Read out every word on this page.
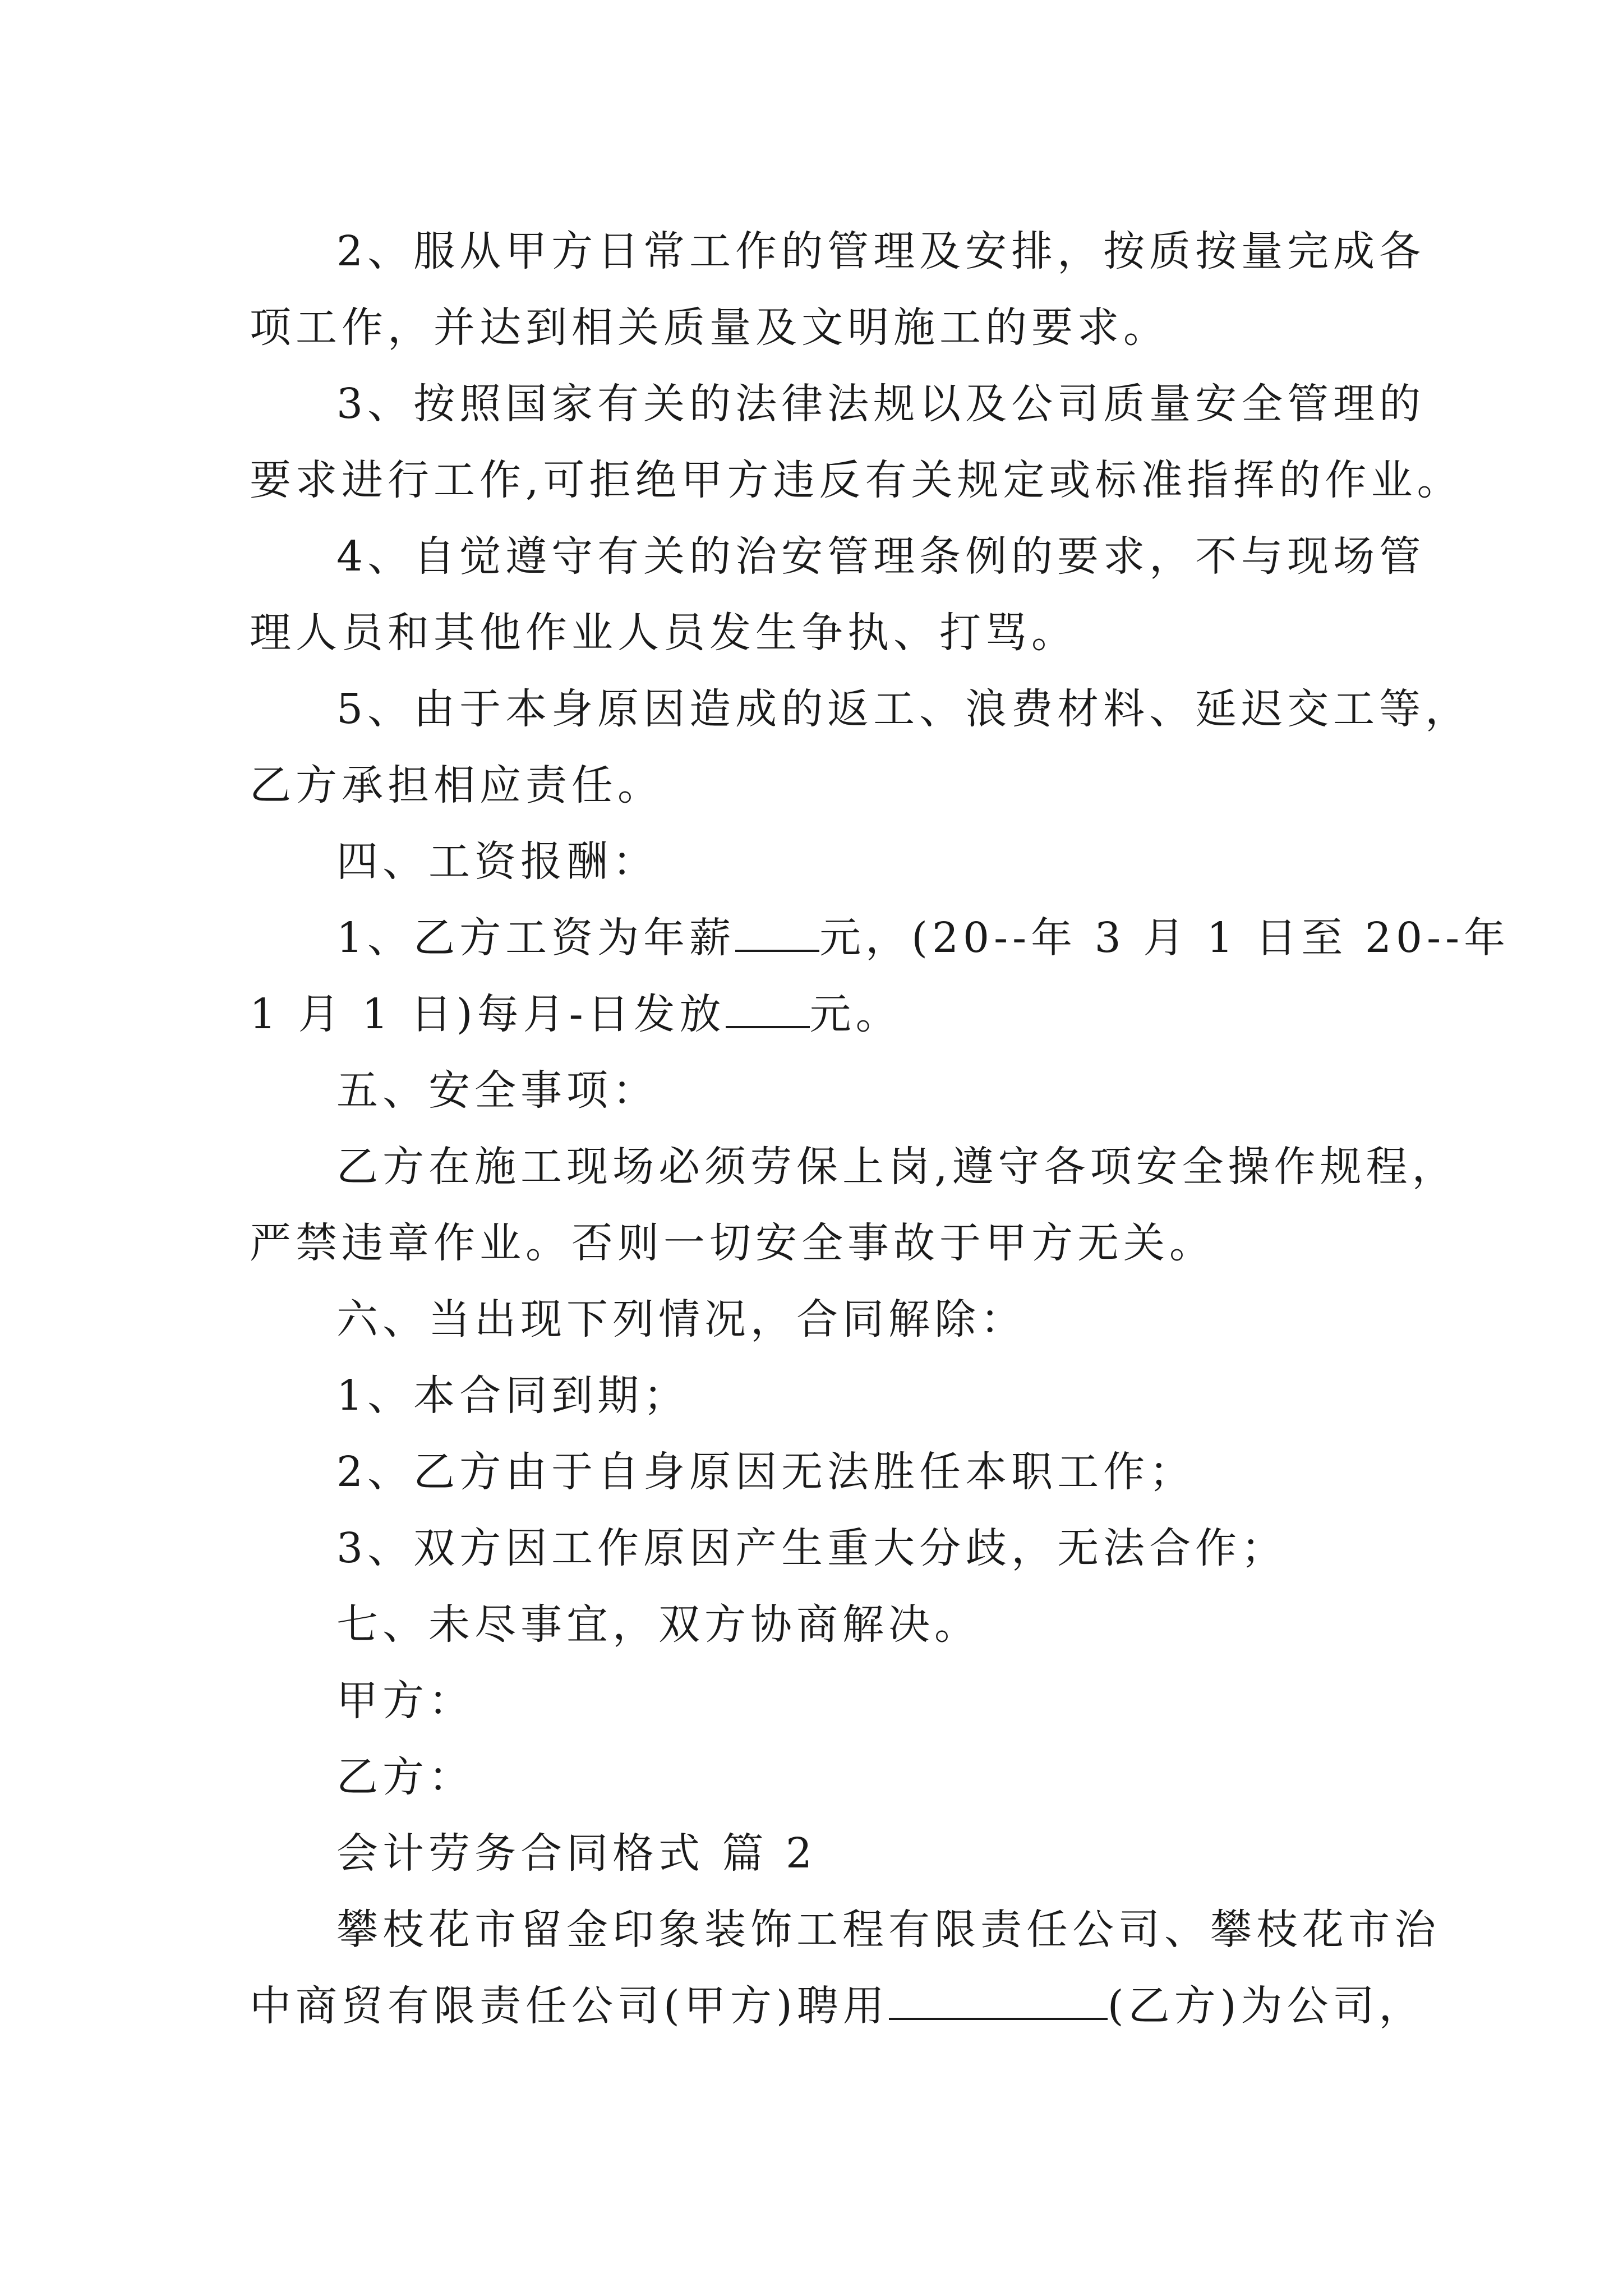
2、服从甲方日常工作的管理及安排，按质按量完成各
项工作，并达到相关质量及文明施工的要求。
3、按照国家有关的法律法规以及公司质量安全管理的
要求进行工作,可拒绝甲方违反有关规定或标准指挥的作业。
4、自觉遵守有关的治安管理条例的要求，不与现场管
理人员和其他作业人员发生争执、打骂。
5、由于本身原因造成的返工、浪费材料、延迟交工等，
乙方承担相应责任。
四、工资报酬：
1、乙方工资为年薪 元，(20--年 3 月 1 日至 20--年
1 月 1 日)每月-日发放 元。
五、安全事项：
乙方在施工现场必须劳保上岗,遵守各项安全操作规程，
严禁违章作业。否则一切安全事故于甲方无关。
六、当出现下列情况，合同解除：
1、本合同到期；
2、乙方由于自身原因无法胜任本职工作；
3、双方因工作原因产生重大分歧，无法合作；
七、未尽事宜，双方协商解决。
甲方：
乙方：
会计劳务合同格式 篇 2
攀枝花市留金印象装饰工程有限责任公司、攀枝花市治
中商贸有限责任公司(甲方)聘用	(乙方)为公司，
